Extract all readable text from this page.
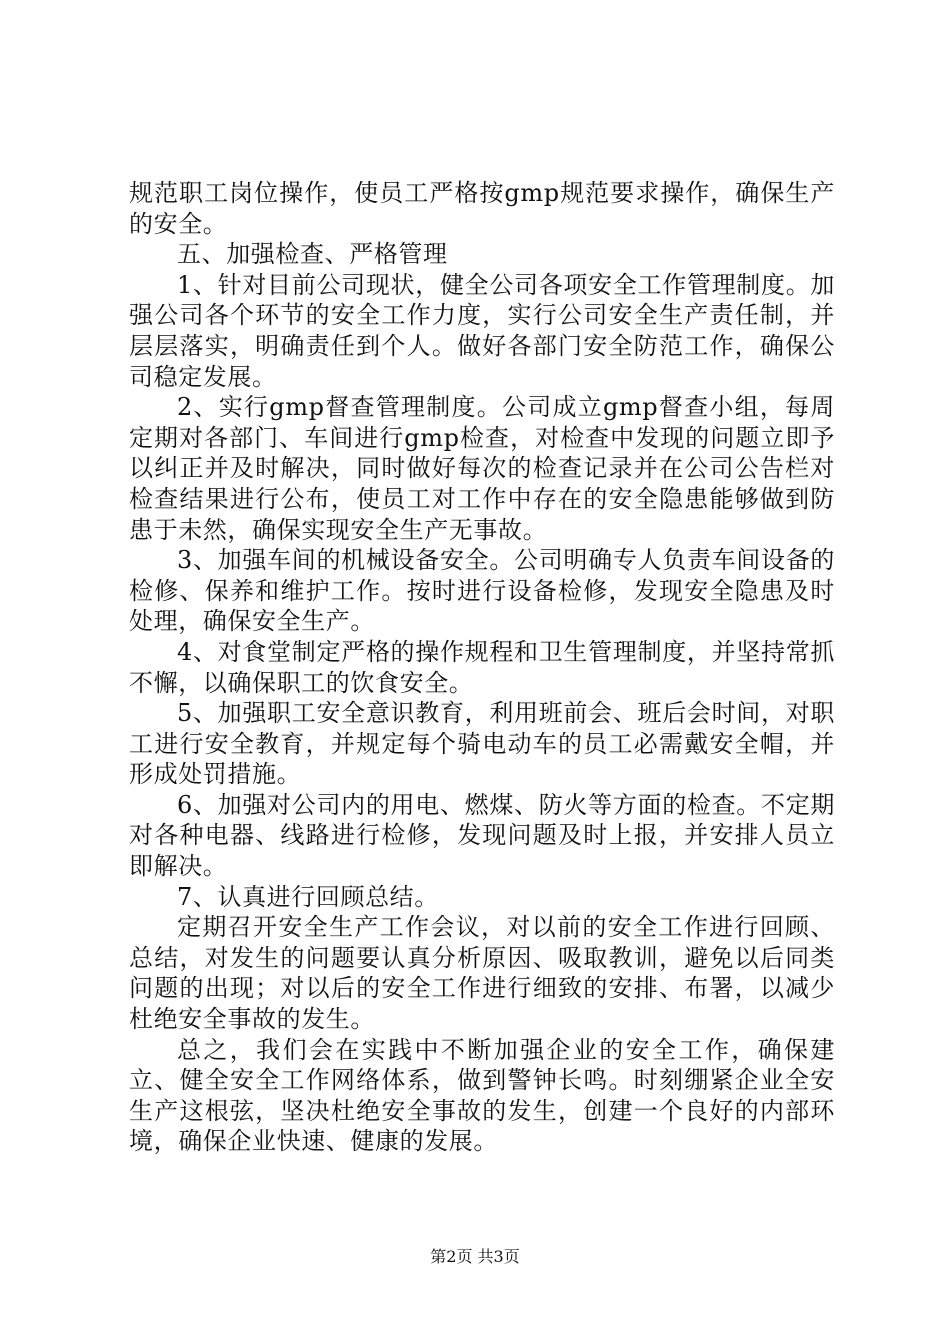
规范职工岗位操作，使员工严格按gmp规范要求操作，确保生产的安全。

五、加强检查、严格管理

1、针对目前公司现状，健全公司各项安全工作管理制度。加强公司各个环节的安全工作力度，实行公司安全生产责任制，并层层落实，明确责任到个人。做好各部门安全防范工作，确保公司稳定发展。

2、实行gmp督查管理制度。公司成立gmp督查小组，每周定期对各部门、车间进行gmp检查，对检查中发现的问题立即予以纠正并及时解决，同时做好每次的检查记录并在公司公告栏对检查结果进行公布，使员工对工作中存在的安全隐患能够做到防患于未然，确保实现安全生产无事故。

3、加强车间的机械设备安全。公司明确专人负责车间设备的检修、保养和维护工作。按时进行设备检修，发现安全隐患及时处理，确保安全生产。

4、对食堂制定严格的操作规程和卫生管理制度，并坚持常抓不懈，以确保职工的饮食安全。

5、加强职工安全意识教育，利用班前会、班后会时间，对职工进行安全教育，并规定每个骑电动车的员工必需戴安全帽，并形成处罚措施。

6、加强对公司内的用电、燃煤、防火等方面的检查。不定期对各种电器、线路进行检修，发现问题及时上报，并安排人员立即解决。

7、认真进行回顾总结。

定期召开安全生产工作会议，对以前的安全工作进行回顾、总结，对发生的问题要认真分析原因、吸取教训，避免以后同类问题的出现；对以后的安全工作进行细致的安排、布署，以减少杜绝安全事故的发生。

总之，我们会在实践中不断加强企业的安全工作，确保建立、健全安全工作网络体系，做到警钟长鸣。时刻绷紧企业全安生产这根弦，坚决杜绝安全事故的发生，创建一个良好的内部环境，确保企业快速、健康的发展。

第2页 共3页
